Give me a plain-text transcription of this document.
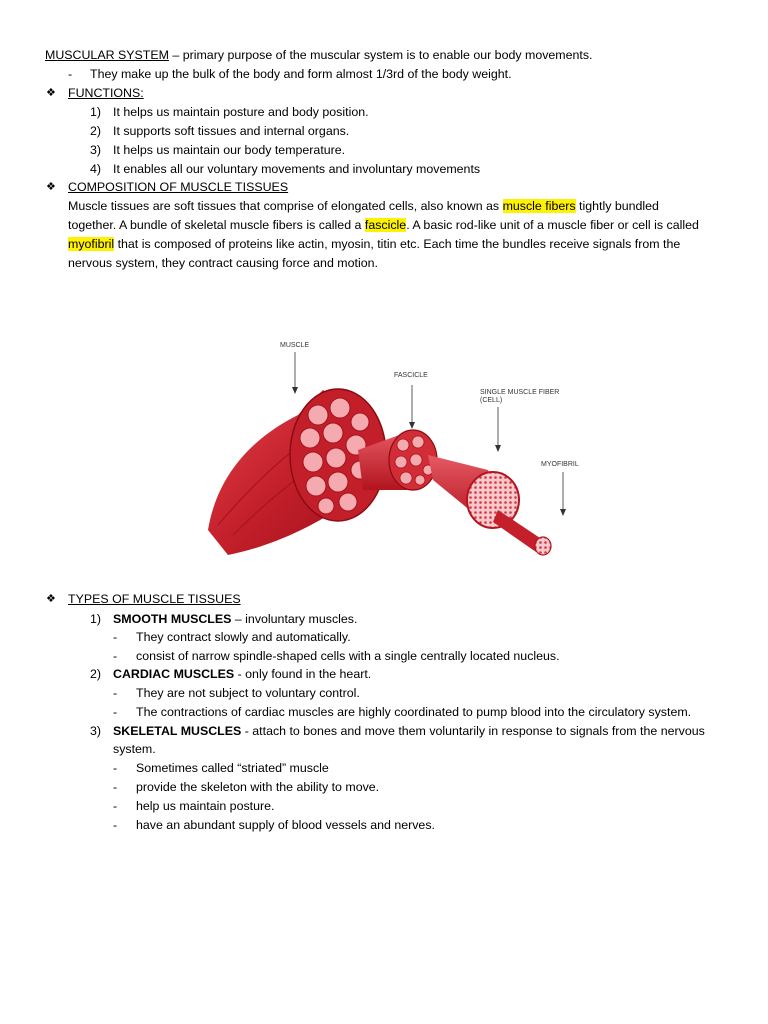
MUSCULAR SYSTEM – primary purpose of the muscular system is to enable our body movements.
- They make up the bulk of the body and form almost 1/3rd of the body weight.
❖ FUNCTIONS:
1) It helps us maintain posture and body position.
2) It supports soft tissues and internal organs.
3) It helps us maintain our body temperature.
4) It enables all our voluntary movements and involuntary movements
❖ COMPOSITION OF MUSCLE TISSUES
Muscle tissues are soft tissues that comprise of elongated cells, also known as muscle fibers tightly bundled
together. A bundle of skeletal muscle fibers is called a fascicle. A basic rod-like unit of a muscle fiber or cell is called
myofibril that is composed of proteins like actin, myosin, titin etc. Each time the bundles receive signals from the
nervous system, they contract causing force and motion.
MUSCLE
FASCICLE
SINGLE MUSCLE FIBER
(CELL)
MYOFIBRIL
❖ TYPES OF MUSCLE TISSUES
1) SMOOTH MUSCLES – involuntary muscles.
- They contract slowly and automatically.
- consist of narrow spindle-shaped cells with a single centrally located nucleus.
2) CARDIAC MUSCLES - only found in the heart.
- They are not subject to voluntary control.
- The contractions of cardiac muscles are highly coordinated to pump blood into the circulatory system.
3) SKELETAL MUSCLES - attach to bones and move them voluntarily in response to signals from the nervous
system.
- Sometimes called “striated” muscle
- provide the skeleton with the ability to move.
- help us maintain posture.
- have an abundant supply of blood vessels and nerves.
